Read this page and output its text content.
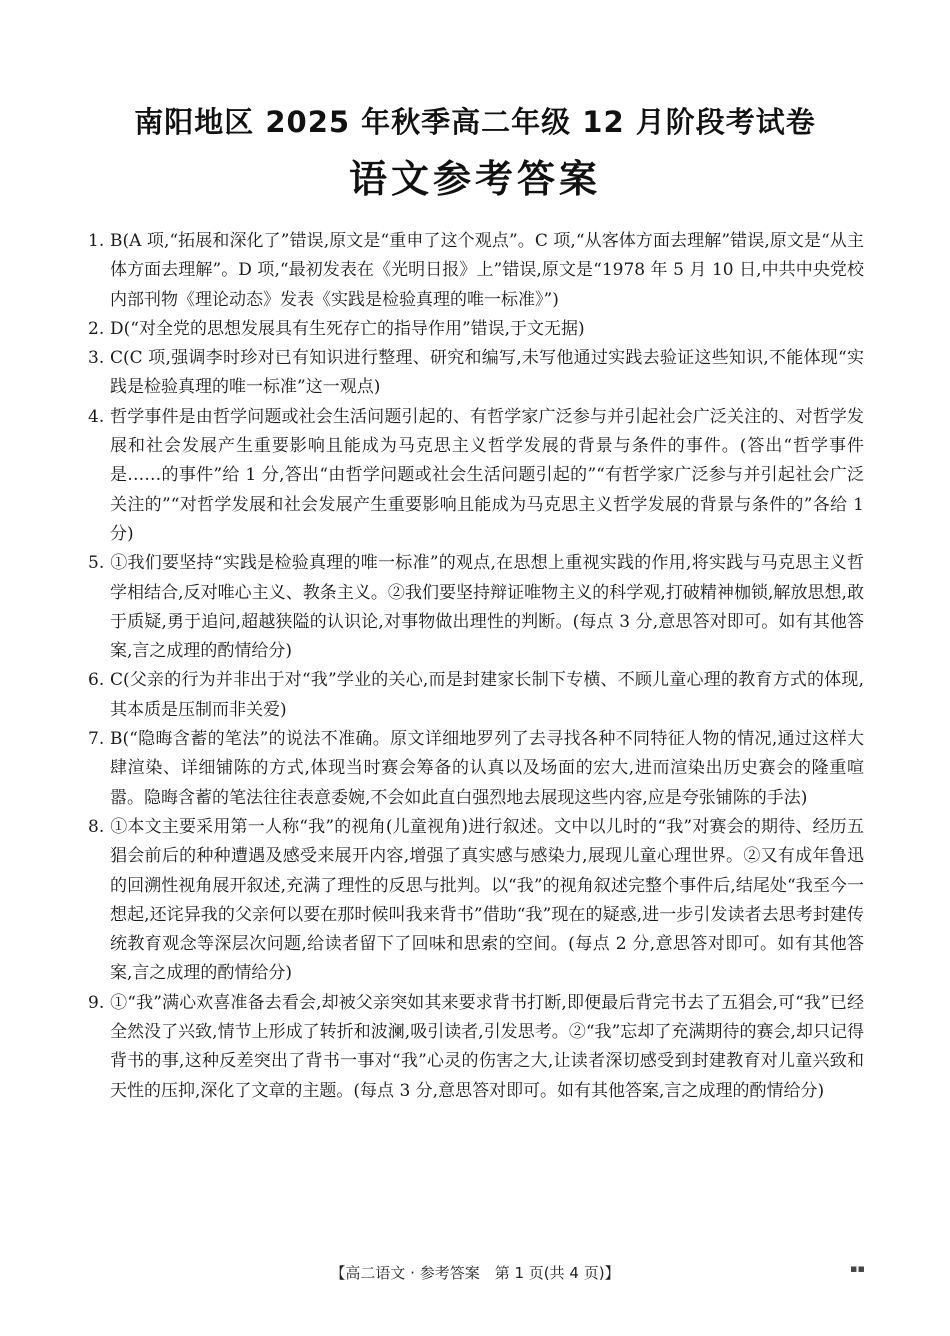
南阳地区 2025 年秋季高二年级 12 月阶段考试卷
语文参考答案
1. B(A 项,“拓展和深化了”错误,原文是“重申了这个观点”。C 项,“从客体方面去理解”错误,原文是“从主体方面去理解”。D 项,“最初发表在《光明日报》上”错误,原文是“1978 年 5 月 10 日,中共中央党校内部刊物《理论动态》发表《实践是检验真理的唯一标准》”)
2. D(“对全党的思想发展具有生死存亡的指导作用”错误,于文无据)
3. C(C 项,强调李时珍对已有知识进行整理、研究和编写,未写他通过实践去验证这些知识,不能体现“实践是检验真理的唯一标准”这一观点)
4. 哲学事件是由哲学问题或社会生活问题引起的、有哲学家广泛参与并引起社会广泛关注的、对哲学发展和社会发展产生重要影响且能成为马克思主义哲学发展的背景与条件的事件。(答出“哲学事件是……的事件”给 1 分,答出“由哲学问题或社会生活问题引起的”“有哲学家广泛参与并引起社会广泛关注的”“对哲学发展和社会发展产生重要影响且能成为马克思主义哲学发展的背景与条件的”各给 1 分)
5. ①我们要坚持“实践是检验真理的唯一标准”的观点,在思想上重视实践的作用,将实践与马克思主义哲学相结合,反对唯心主义、教条主义。②我们要坚持辩证唯物主义的科学观,打破精神枷锁,解放思想,敢于质疑,勇于追问,超越狭隘的认识论,对事物做出理性的判断。(每点 3 分,意思答对即可。如有其他答案,言之成理的酌情给分)
6. C(父亲的行为并非出于对“我”学业的关心,而是封建家长制下专横、不顾儿童心理的教育方式的体现,其本质是压制而非关爱)
7. B(“隐晦含蓄的笔法”的说法不准确。原文详细地罗列了去寻找各种不同特征人物的情况,通过这样大肆渲染、详细铺陈的方式,体现当时赛会筹备的认真以及场面的宏大,进而渲染出历史赛会的隆重喧嚣。隐晦含蓄的笔法往往表意委婉,不会如此直白强烈地去展现这些内容,应是夸张铺陈的手法)
8. ①本文主要采用第一人称“我”的视角(儿童视角)进行叙述。文中以儿时的“我”对赛会的期待、经历五猖会前后的种种遭遇及感受来展开内容,增强了真实感与感染力,展现儿童心理世界。②又有成年鲁迅的回溯性视角展开叙述,充满了理性的反思与批判。以“我”的视角叙述完整个事件后,结尾处“我至今一想起,还诧异我的父亲何以要在那时候叫我来背书”借助“我”现在的疑惑,进一步引发读者去思考封建传统教育观念等深层次问题,给读者留下了回味和思索的空间。(每点 2 分,意思答对即可。如有其他答案,言之成理的酌情给分)
9. ①“我”满心欢喜准备去看会,却被父亲突如其来要求背书打断,即便最后背完书去了五猖会,可“我”已经全然没了兴致,情节上形成了转折和波澜,吸引读者,引发思考。②“我”忘却了充满期待的赛会,却只记得背书的事,这种反差突出了背书一事对“我”心灵的伤害之大,让读者深切感受到封建教育对儿童兴致和天性的压抑,深化了文章的主题。(每点 3 分,意思答对即可。如有其他答案,言之成理的酌情给分)
【高二语文 · 参考答案　第 1 页(共 4 页)】	▪▪
